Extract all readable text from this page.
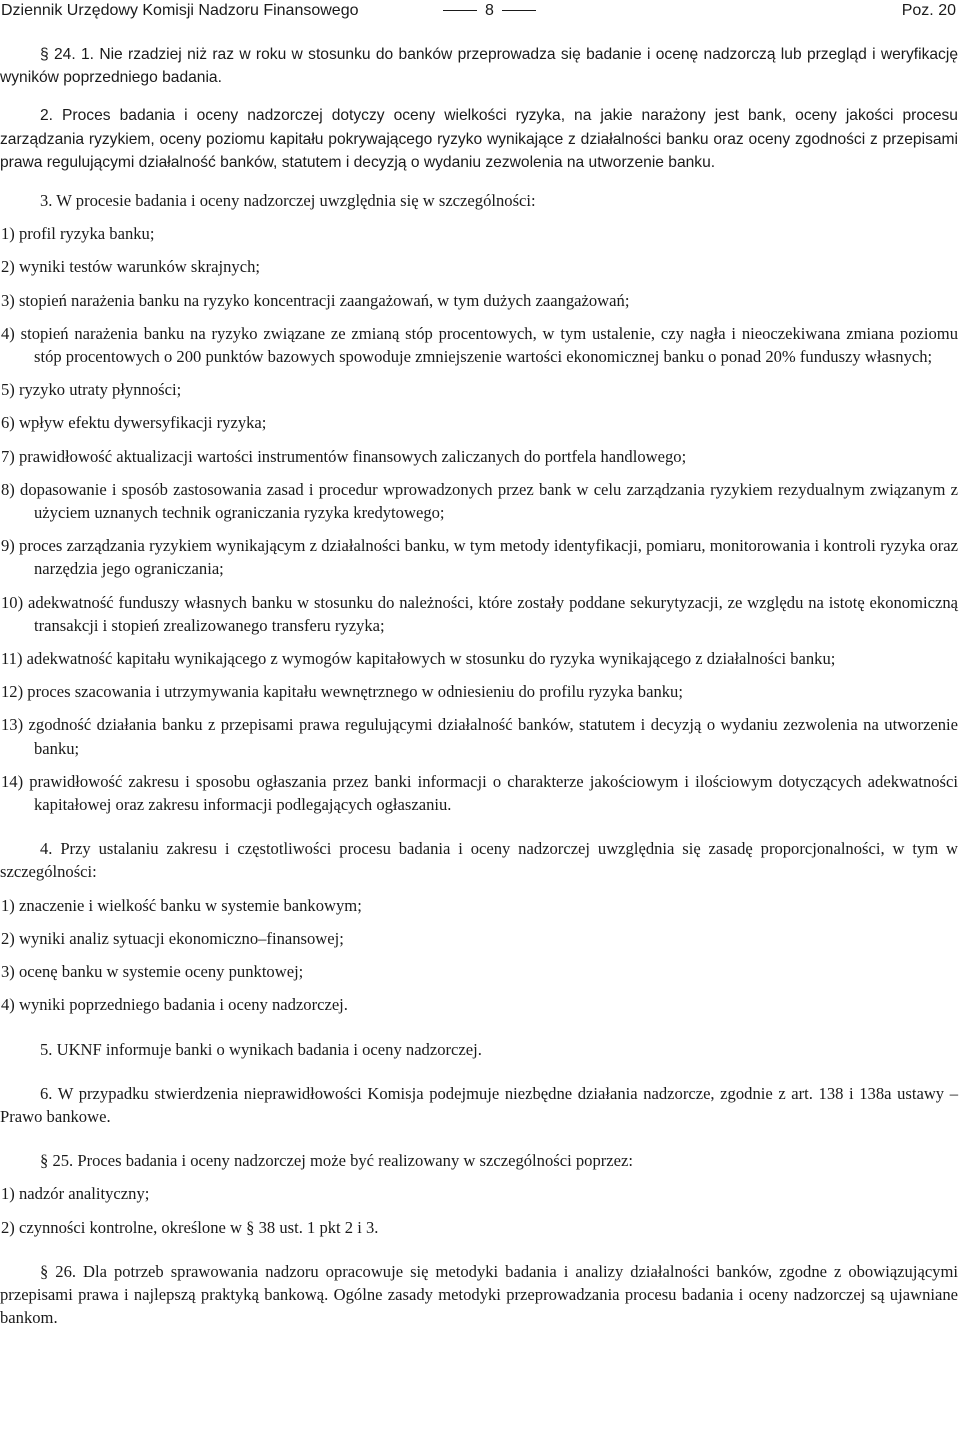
Dziennik Urzędowy Komisji Nadzoru Finansowego	8	Poz. 20

§ 24. 1. Nie rzadziej niż raz w roku w stosunku do banków przeprowadza się badanie i ocenę nadzorczą lub przegląd i weryfikację wyników poprzedniego badania.

2. Proces badania i oceny nadzorczej dotyczy oceny wielkości ryzyka, na jakie narażony jest bank, oceny jakości procesu zarządzania ryzykiem, oceny poziomu kapitału pokrywającego ryzyko wynikające z działalności banku oraz oceny zgodności z przepisami prawa regulującymi działalność banków, statutem i decyzją o wydaniu zezwolenia na utworzenie banku.

3. W procesie badania i oceny nadzorczej uwzględnia się w szczególności:

1) profil ryzyka banku;

2) wyniki testów warunków skrajnych;

3) stopień narażenia banku na ryzyko koncentracji zaangażowań, w tym dużych zaangażowań;

4) stopień narażenia banku na ryzyko związane ze zmianą stóp procentowych, w tym ustalenie, czy nagła i nieoczekiwana zmiana poziomu stóp procentowych o 200 punktów bazowych spowoduje zmniejszenie wartości ekonomicznej banku o ponad 20% funduszy własnych;

5) ryzyko utraty płynności;

6) wpływ efektu dywersyfikacji ryzyka;

7) prawidłowość aktualizacji wartości instrumentów finansowych zaliczanych do portfela handlowego;

8) dopasowanie i sposób zastosowania zasad i procedur wprowadzonych przez bank w celu zarządzania ryzykiem rezydualnym związanym z użyciem uznanych technik ograniczania ryzyka kredytowego;

9) proces zarządzania ryzykiem wynikającym z działalności banku, w tym metody identyfikacji, pomiaru, monitorowania i kontroli ryzyka oraz narzędzia jego ograniczania;

10) adekwatność funduszy własnych banku w stosunku do należności, które zostały poddane sekurytyzacji, ze względu na istotę ekonomiczną transakcji i stopień zrealizowanego transferu ryzyka;

11) adekwatność kapitału wynikającego z wymogów kapitałowych w stosunku do ryzyka wynikającego z działalności banku;

12) proces szacowania i utrzymywania kapitału wewnętrznego w odniesieniu do profilu ryzyka banku;

13) zgodność działania banku z przepisami prawa regulującymi działalność banków, statutem i decyzją o wydaniu zezwolenia na utworzenie banku;

14) prawidłowość zakresu i sposobu ogłaszania przez banki informacji o charakterze jakościowym i ilościowym dotyczących adekwatności kapitałowej oraz zakresu informacji podlegających ogłaszaniu.

4. Przy ustalaniu zakresu i częstotliwości procesu badania i oceny nadzorczej uwzględnia się zasadę proporcjonalności, w tym w szczególności:

1) znaczenie i wielkość banku w systemie bankowym;

2) wyniki analiz sytuacji ekonomiczno–finansowej;

3) ocenę banku w systemie oceny punktowej;

4) wyniki poprzedniego badania i oceny nadzorczej.

5. UKNF informuje banki o wynikach badania i oceny nadzorczej.

6. W przypadku stwierdzenia nieprawidłowości Komisja podejmuje niezbędne działania nadzorcze, zgodnie z art. 138 i 138a ustawy – Prawo bankowe.

§ 25. Proces badania i oceny nadzorczej może być realizowany w szczególności poprzez:

1) nadzór analityczny;

2) czynności kontrolne, określone w § 38 ust. 1 pkt 2 i 3.

§ 26. Dla potrzeb sprawowania nadzoru opracowuje się metodyki badania i analizy działalności banków, zgodne z obowiązującymi przepisami prawa i najlepszą praktyką bankową. Ogólne zasady metodyki przeprowadzania procesu badania i oceny nadzorczej są ujawniane bankom.
